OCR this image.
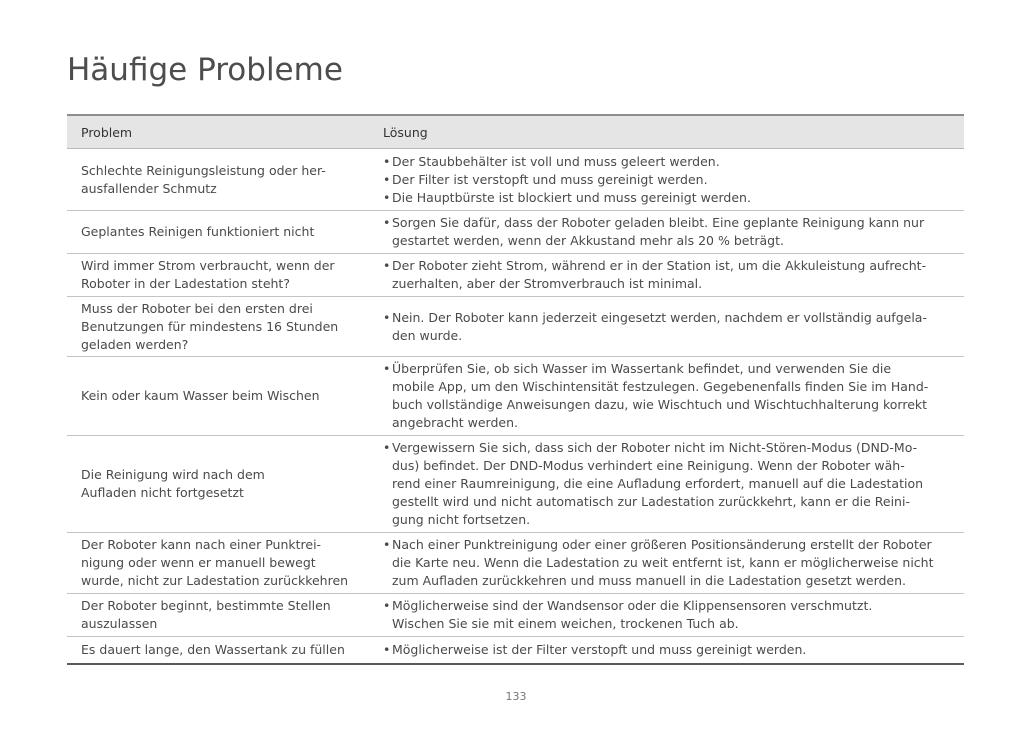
Häufige Probleme
Problem	Lösung
Schlechte Reinigungsleistung oder her-
ausfallender Schmutz
• Der Staubbehälter ist voll und muss geleert werden.
• Der Filter ist verstopft und muss gereinigt werden.
• Die Hauptbürste ist blockiert und muss gereinigt werden.
Geplantes Reinigen funktioniert nicht
• Sorgen Sie dafür, dass der Roboter geladen bleibt. Eine geplante Reinigung kann nur
gestartet werden, wenn der Akkustand mehr als 20 % beträgt.
Wird immer Strom verbraucht, wenn der
Roboter in der Ladestation steht?
• Der Roboter zieht Strom, während er in der Station ist, um die Akkuleistung aufrecht-
zuerhalten, aber der Stromverbrauch ist minimal.
Muss der Roboter bei den ersten drei
Benutzungen für mindestens 16 Stunden
geladen werden?
• Nein. Der Roboter kann jederzeit eingesetzt werden, nachdem er vollständig aufgela-
den wurde.
Kein oder kaum Wasser beim Wischen
• Überprüfen Sie, ob sich Wasser im Wassertank befindet, und verwenden Sie die
mobile App, um den Wischintensität festzulegen. Gegebenenfalls finden Sie im Hand-
buch vollständige Anweisungen dazu, wie Wischtuch und Wischtuchhalterung korrekt
angebracht werden.
Die Reinigung wird nach dem
Aufladen nicht fortgesetzt
• Vergewissern Sie sich, dass sich der Roboter nicht im Nicht-Stören-Modus (DND-Mo-
dus) befindet. Der DND-Modus verhindert eine Reinigung. Wenn der Roboter wäh-
rend einer Raumreinigung, die eine Aufladung erfordert, manuell auf die Ladestation
gestellt wird und nicht automatisch zur Ladestation zurückkehrt, kann er die Reini-
gung nicht fortsetzen.
Der Roboter kann nach einer Punktrei-
nigung oder wenn er manuell bewegt
wurde, nicht zur Ladestation zurückkehren
• Nach einer Punktreinigung oder einer größeren Positionsänderung erstellt der Roboter
die Karte neu. Wenn die Ladestation zu weit entfernt ist, kann er möglicherweise nicht
zum Aufladen zurückkehren und muss manuell in die Ladestation gesetzt werden.
Der Roboter beginnt, bestimmte Stellen
auszulassen
• Möglicherweise sind der Wandsensor oder die Klippensensoren verschmutzt.
Wischen Sie sie mit einem weichen, trockenen Tuch ab.
Es dauert lange, den Wassertank zu füllen	• Möglicherweise ist der Filter verstopft und muss gereinigt werden.
133
